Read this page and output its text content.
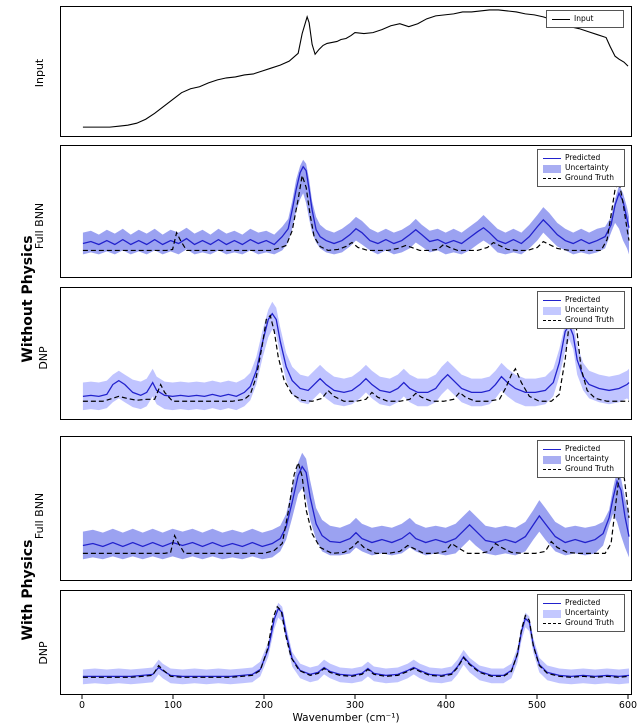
Without Physics
With Physics
Input
Input
Full BNN
Predicted
Uncertainty
Ground Truth
DNP
Predicted
Uncertainty
Ground Truth
Full BNN
Predicted
Uncertainty
Ground Truth
DNP
Predicted
Uncertainty
Ground Truth
0	100	200	300	400	500	600
Wavenumber (cm⁻¹)
